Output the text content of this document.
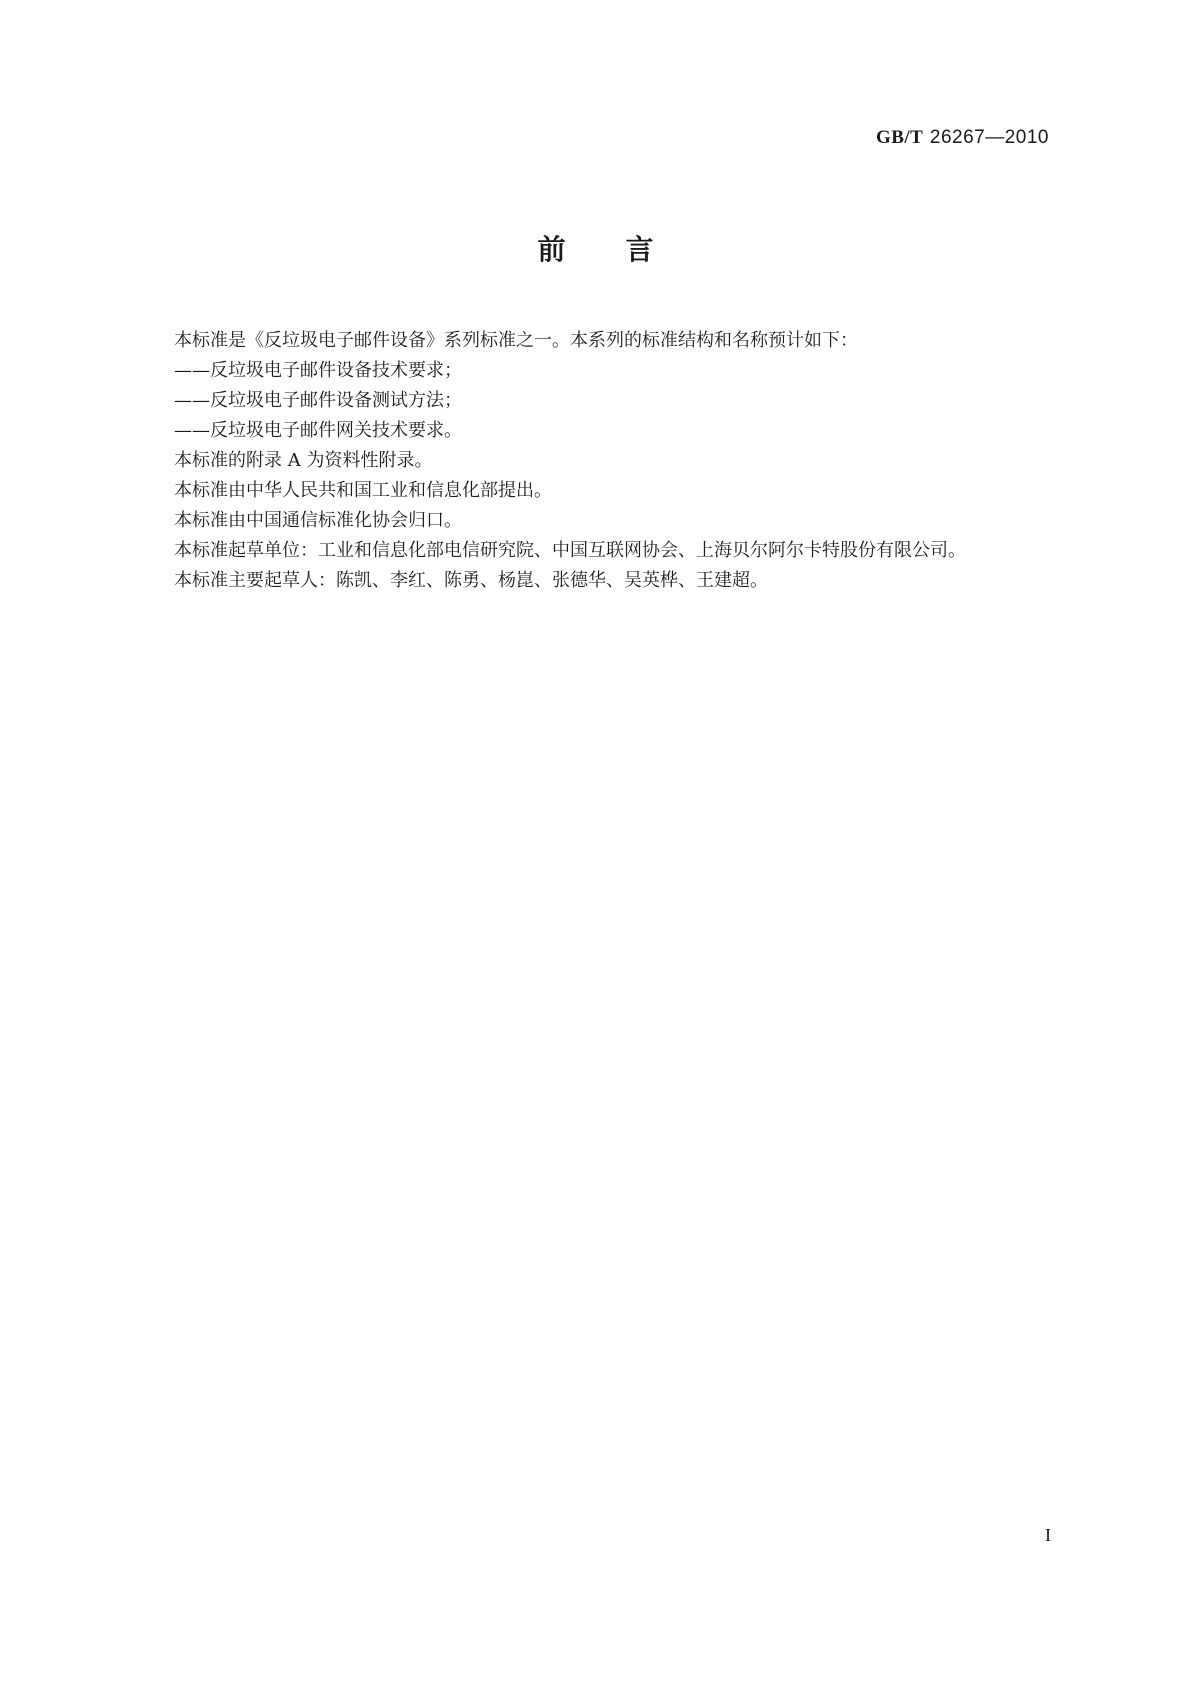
GB/T 26267—2010
前言
本标准是《反垃圾电子邮件设备》系列标准之一。本系列的标准结构和名称预计如下：
——反垃圾电子邮件设备技术要求；
——反垃圾电子邮件设备测试方法；
——反垃圾电子邮件网关技术要求。
本标准的附录 A 为资料性附录。
本标准由中华人民共和国工业和信息化部提出。
本标准由中国通信标准化协会归口。
本标准起草单位：工业和信息化部电信研究院、中国互联网协会、上海贝尔阿尔卡特股份有限公司。
本标准主要起草人：陈凯、李红、陈勇、杨崑、张德华、吴英桦、王建超。
I
